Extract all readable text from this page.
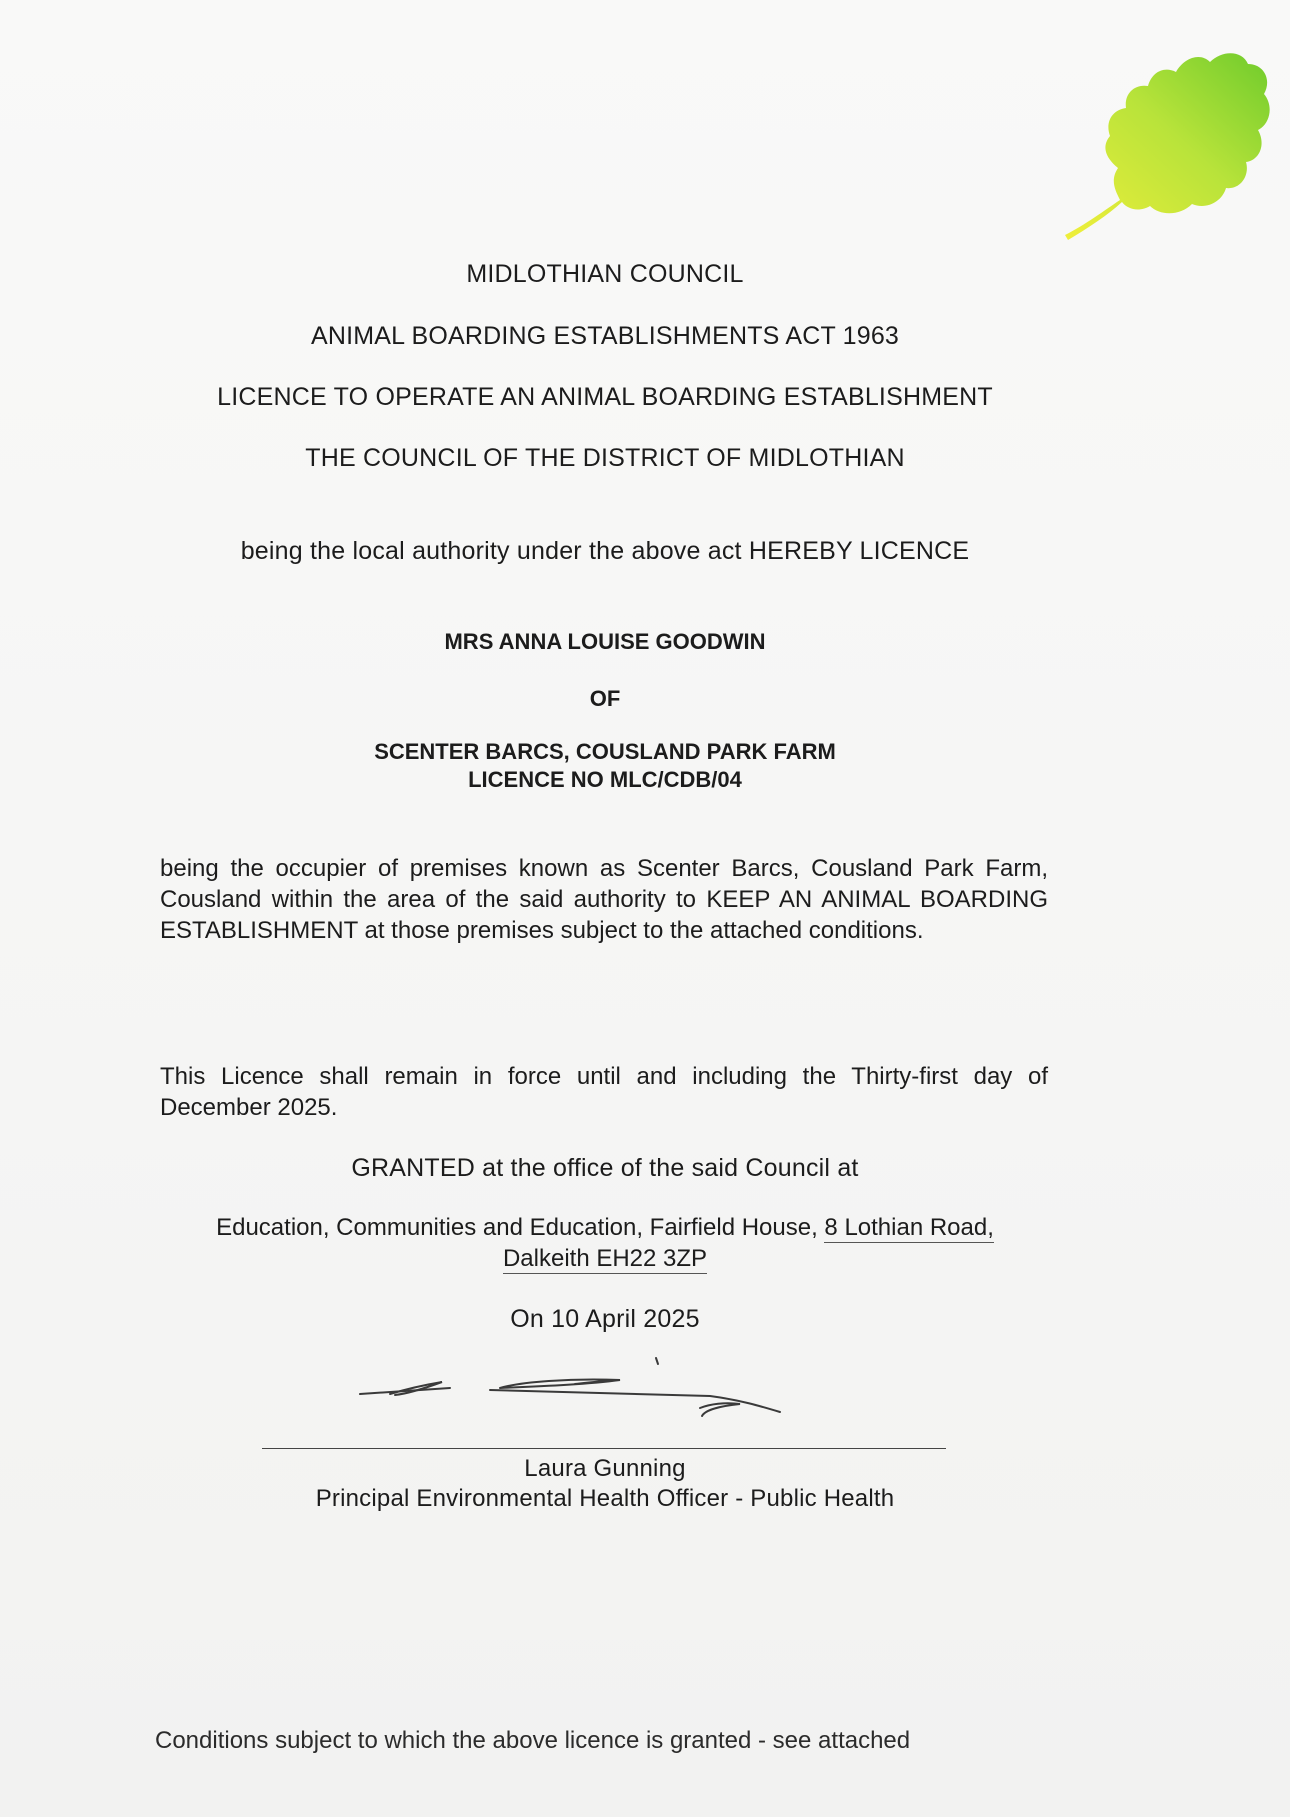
MIDLOTHIAN COUNCIL
ANIMAL BOARDING ESTABLISHMENTS ACT 1963
LICENCE TO OPERATE AN ANIMAL BOARDING ESTABLISHMENT
THE COUNCIL OF THE DISTRICT OF MIDLOTHIAN
being the local authority under the above act HEREBY LICENCE
MRS ANNA LOUISE GOODWIN
OF
SCENTER BARCS, COUSLAND PARK FARM
LICENCE NO MLC/CDB/04
being the occupier of premises known as Scenter Barcs, Cousland Park Farm, Cousland within the area of the said authority to KEEP AN ANIMAL BOARDING ESTABLISHMENT at those premises subject to the attached conditions.
This Licence shall remain in force until and including the Thirty-first day of December 2025.
GRANTED at the office of the said Council at
Education, Communities and Education, Fairfield House, 8 Lothian Road,
Dalkeith EH22 3ZP
On 10 April 2025
Laura Gunning
Principal Environmental Health Officer - Public Health
Conditions subject to which the above licence is granted - see attached
